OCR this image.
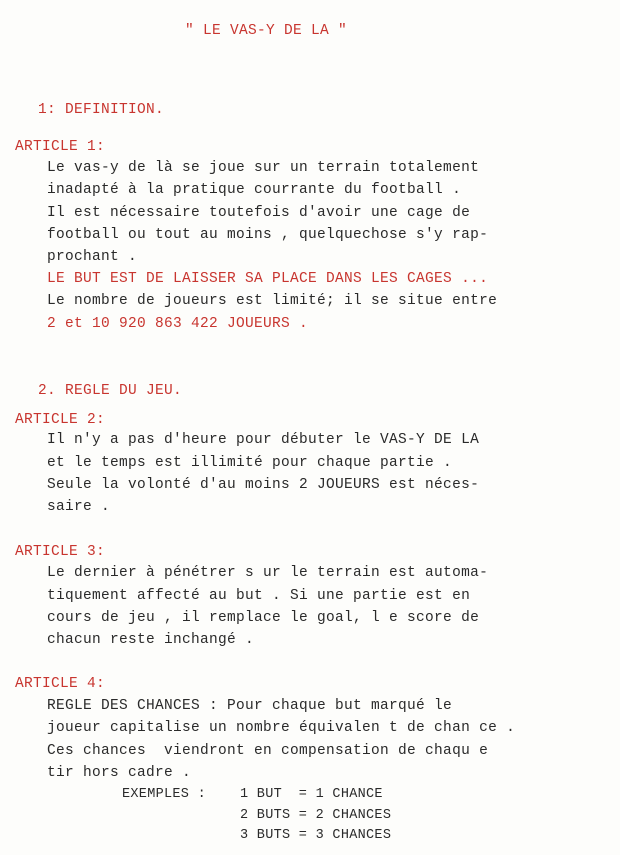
" LE VAS-Y DE LA "
1: DEFINITION.
ARTICLE 1:
Le vas-y de là se joue sur un terrain totalement
inadapté à la pratique courrante du football .
Il est nécessaire toutefois d'avoir une cage de
football ou tout au moins , quelquechose s'y rap-
prochant .
LE BUT EST DE LAISSER SA PLACE DANS LES CAGES ...
Le nombre de joueurs est limité; il se situe entre
2 et 10 920 863 422 JOUEURS .
2. REGLE DU JEU.
ARTICLE 2:
Il n'y a pas d'heure pour débuter le VAS-Y DE LA
et le temps est illimité pour chaque partie .
Seule la volonté d'au moins 2 JOUEURS est néces-
saire .
ARTICLE 3:
Le dernier à pénétrer s ur le terrain est automa-
tiquement affecté au but . Si une partie est en
cours de jeu , il remplace le goal, l e score de
chacun reste inchangé .
ARTICLE 4:
REGLE DES CHANCES : Pour chaque but marqué le
joueur capitalise un nombre équivalen t de chan ce .
Ces chances  viendront en compensation de chaqu e
tir hors cadre .
EXEMPLES :	1 BUT  = 1 CHANCE
2 BUTS = 2 CHANCES
3 BUTS = 3 CHANCES
